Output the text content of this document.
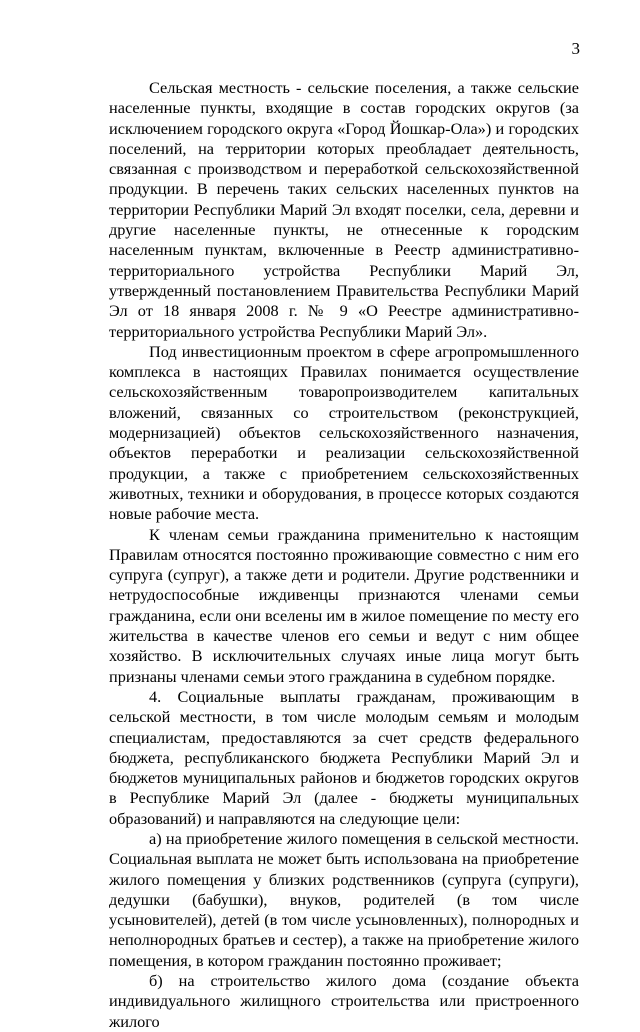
3

Сельская местность - сельские поселения, а также сельские населенные пункты, входящие в состав городских округов (за исключением городского округа «Город Йошкар-Ола») и городских поселений, на территории которых преобладает деятельность, связанная с производством и переработкой сельскохозяйственной продукции. В перечень таких сельских населенных пунктов на территории Республики Марий Эл входят поселки, села, деревни и другие населенные пункты, не отнесенные к городским населенным пунктам, включенные в Реестр административно-территориального устройства Республики Марий Эл, утвержденный постановлением Правительства Республики Марий Эл от 18 января 2008 г. № 9 «О Реестре административно-территориального устройства Республики Марий Эл».

Под инвестиционным проектом в сфере агропромышленного комплекса в настоящих Правилах понимается осуществление сельскохозяйственным товаропроизводителем капитальных вложений, связанных со строительством (реконструкцией, модернизацией) объектов сельскохозяйственного назначения, объектов переработки и реализации сельскохозяйственной продукции, а также с приобретением сельскохозяйственных животных, техники и оборудования, в процессе которых создаются новые рабочие места.

К членам семьи гражданина применительно к настоящим Правилам относятся постоянно проживающие совместно с ним его супруга (супруг), а также дети и родители. Другие родственники и нетрудоспособные иждивенцы признаются членами семьи гражданина, если они вселены им в жилое помещение по месту его жительства в качестве членов его семьи и ведут с ним общее хозяйство. В исключительных случаях иные лица могут быть признаны членами семьи этого гражданина в судебном порядке.

4. Социальные выплаты гражданам, проживающим в сельской местности, в том числе молодым семьям и молодым специалистам, предоставляются за счет средств федерального бюджета, республиканского бюджета Республики Марий Эл и бюджетов муниципальных районов и бюджетов городских округов в Республике Марий Эл (далее - бюджеты муниципальных образований) и направляются на следующие цели:

а) на приобретение жилого помещения в сельской местности. Социальная выплата не может быть использована на приобретение жилого помещения у близких родственников (супруга (супруги), дедушки (бабушки), внуков, родителей (в том числе усыновителей), детей (в том числе усыновленных), полнородных и неполнородных братьев и сестер), а также на приобретение жилого помещения, в котором гражданин постоянно проживает;

б) на строительство жилого дома (создание объекта индивидуального жилищного строительства или пристроенного жилого
